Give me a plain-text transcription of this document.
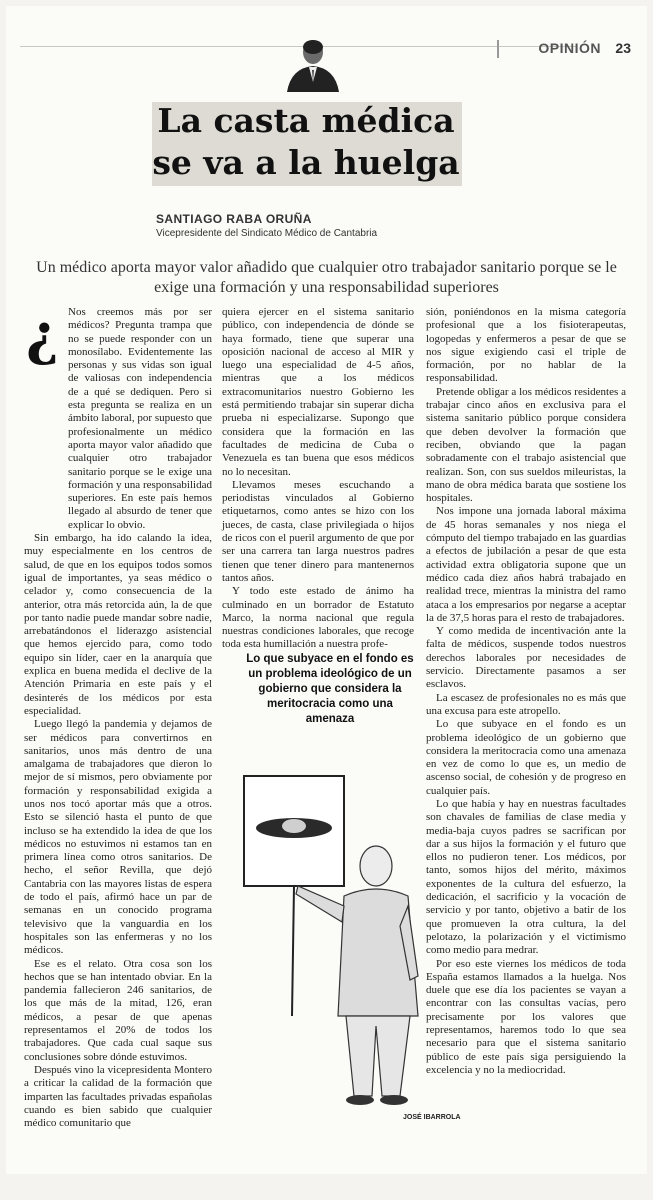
OPINIÓN 23
La casta médica
se va a la huelga
SANTIAGO RABA ORUÑA
Vicepresidente del Sindicato Médico de Cantabria
Un médico aporta mayor valor añadido que cualquier otro trabajador sanitario porque se le exige una formación y una responsabilidad superiores
¿ Nos creemos más por ser médicos? Pregunta trampa que no se puede responder con un monosílabo. Evidentemente las personas y sus vidas son igual de valiosas con independencia de a qué se dediquen. Pero si esta pregunta se realiza en un ámbito laboral, por supuesto que profesionalmente un médico aporta mayor valor añadido que cualquier otro trabajador sanitario porque se le exige una formación y una responsabilidad superiores. En este país hemos llegado al absurdo de tener que explicar lo obvio.

Sin embargo, ha ido calando la idea, muy especialmente en los centros de salud, de que en los equipos todos somos igual de importantes, ya seas médico o celador y, como consecuencia de la anterior, otra más retorcida aún, la de que por tanto nadie puede mandar sobre nadie, arrebatándonos el liderazgo asistencial que hemos ejercido para, como todo equipo sin líder, caer en la anarquía que explica en buena medida el declive de la Atención Primaria en este país y el desinterés de los médicos por esta especialidad.

Luego llegó la pandemia y dejamos de ser médicos para convertirnos en sanitarios, unos más dentro de una amalgama de trabajadores que dieron lo mejor de sí mismos, pero obviamente por formación y responsabilidad exigida a unos nos tocó aportar más que a otros. Esto se silenció hasta el punto de que incluso se ha extendido la idea de que los médicos no estuvimos ni estamos tan en primera línea como otros sanitarios. De hecho, el señor Revilla, que dejó Cantabria con las mayores listas de espera de todo el país, afirmó hace un par de semanas en un conocido programa televisivo que la vanguardia en los hospitales son las enfermeras y no los médicos.

Ese es el relato. Otra cosa son los hechos que se han intentado obviar. En la pandemia fallecieron 246 sanitarios, de los que más de la mitad, 126, eran médicos, a pesar de que apenas representamos el 20% de todos los trabajadores. Que cada cual saque sus conclusiones sobre dónde estuvimos.

Después vino la vicepresidenta Montero a criticar la calidad de la formación que imparten las facultades privadas españolas cuando es bien sabido que cualquier médico comunitario que

quiera ejercer en el sistema sanitario público, con independencia de dónde se haya formado, tiene que superar una oposición nacional de acceso al MIR y luego una especialidad de 4-5 años, mientras que a los médicos extracomunitarios nuestro Gobierno les está permitiendo trabajar sin superar dicha prueba ni especializarse. Supongo que considera que la formación en las facultades de medicina de Cuba o Venezuela es tan buena que esos médicos no lo necesitan.

Llevamos meses escuchando a periodistas vinculados al Gobierno etiquetarnos, como antes se hizo con los jueces, de casta, clase privilegiada o hijos de ricos con el pueril argumento de que por ser una carrera tan larga nuestros padres tienen que tener dinero para mantenernos tantos años.

Y todo este estado de ánimo ha culminado en un borrador de Estatuto Marco, la norma nacional que regula nuestras condiciones laborales, que recoge toda esta humillación a nuestra profe-

Lo que subyace en el fondo es un problema ideológico de un gobierno que considera la meritocracia como una amenaza
JOSÉ IBARROLA

sión, poniéndonos en la misma categoría profesional que a los fisioterapeutas, logopedas y enfermeros a pesar de que se nos sigue exigiendo casi el triple de formación, por no hablar de la responsabilidad.

Pretende obligar a los médicos residentes a trabajar cinco años en exclusiva para el sistema sanitario público porque considera que deben devolver la formación que reciben, obviando que la pagan sobradamente con el trabajo asistencial que realizan. Son, con sus sueldos mileuristas, la mano de obra médica barata que sostiene los hospitales.

Nos impone una jornada laboral máxima de 45 horas semanales y nos niega el cómputo del tiempo trabajado en las guardias a efectos de jubilación a pesar de que esta actividad extra obligatoria supone que un médico cada diez años habrá trabajado en realidad trece, mientras la ministra del ramo ataca a los empresarios por negarse a aceptar la de 37,5 horas para el resto de trabajadores.

Y como medida de incentivación ante la falta de médicos, suspende todos nuestros derechos laborales por necesidades de servicio. Directamente pasamos a ser esclavos.

La escasez de profesionales no es más que una excusa para este atropello.

Lo que subyace en el fondo es un problema ideológico de un gobierno que considera la meritocracia como una amenaza en vez de como lo que es, un medio de ascenso social, de cohesión y de progreso en cualquier país.

Lo que había y hay en nuestras facultades son chavales de familias de clase media y media-baja cuyos padres se sacrifican por dar a sus hijos la formación y el futuro que ellos no pudieron tener. Los médicos, por tanto, somos hijos del mérito, máximos exponentes de la cultura del esfuerzo, la dedicación, el sacrificio y la vocación de servicio y por tanto, objetivo a batir de los que promueven la otra cultura, la del pelotazo, la polarización y el victimismo como medio para medrar.

Por eso este viernes los médicos de toda España estamos llamados a la huelga. Nos duele que ese día los pacientes se vayan a encontrar con las consultas vacías, pero precisamente por los valores que representamos, haremos todo lo que sea necesario para que el sistema sanitario público de este país siga persiguiendo la excelencia y no la mediocridad.
